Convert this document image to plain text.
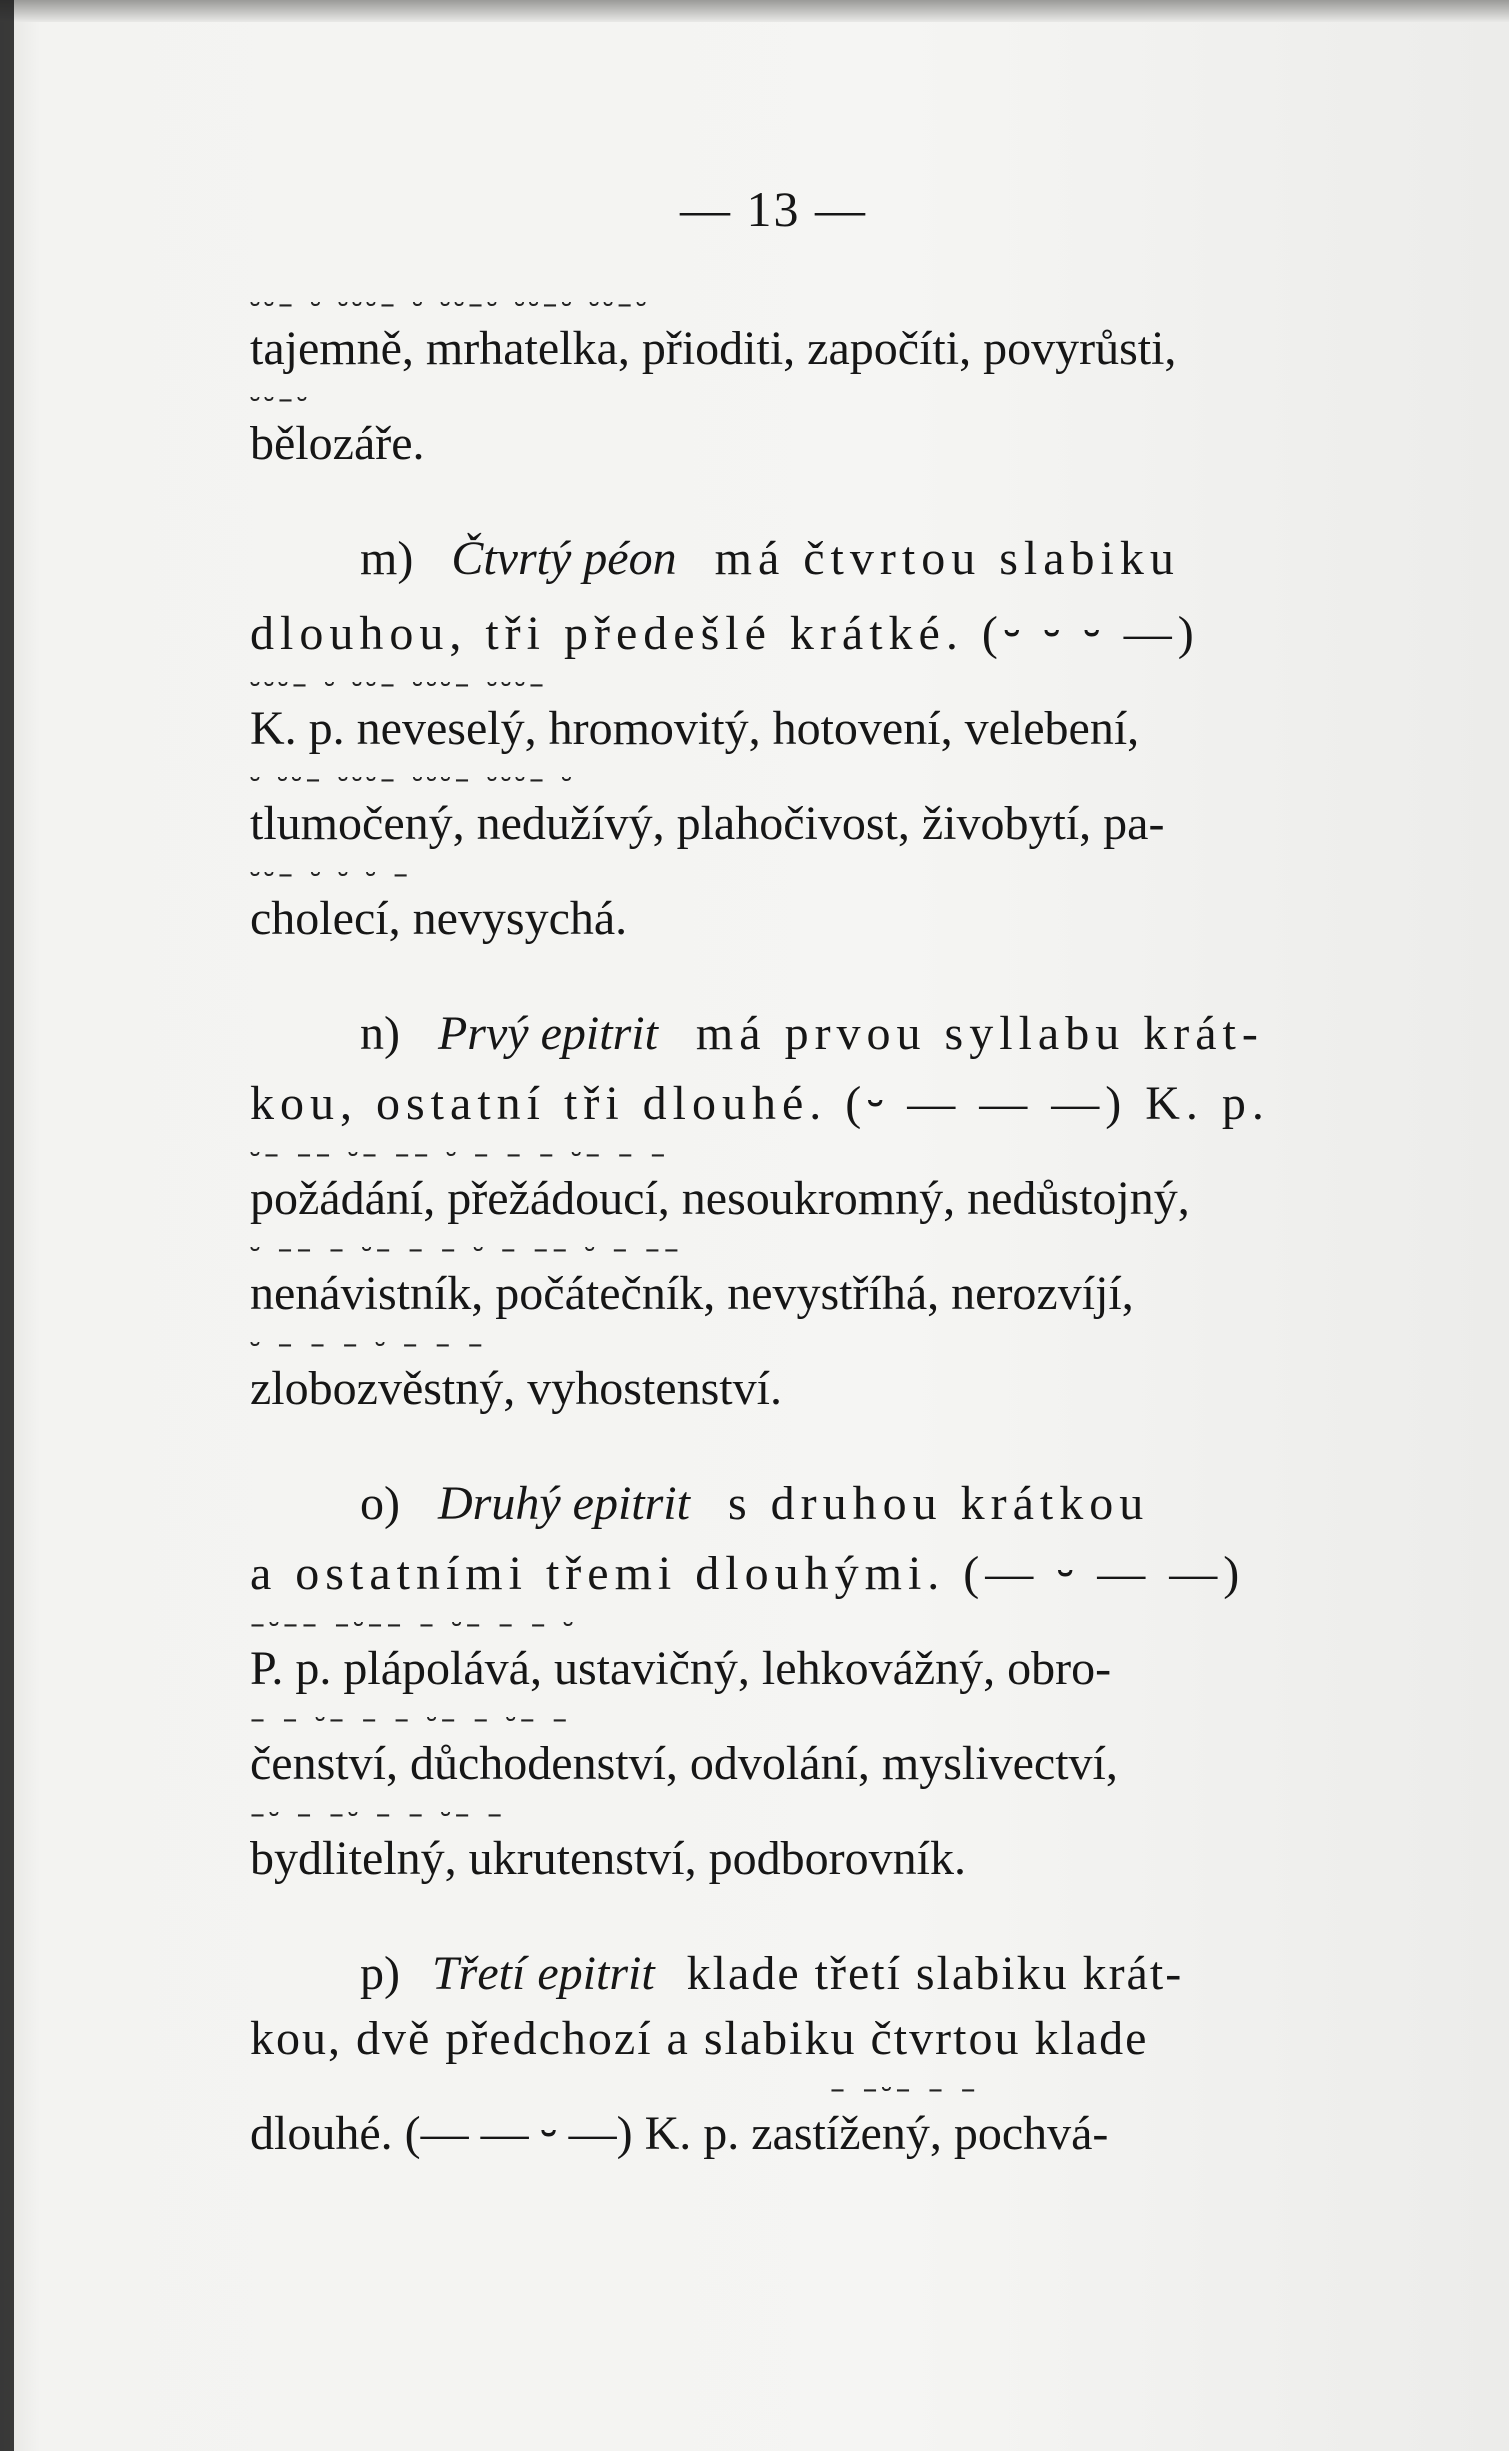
— 13 —
⏑⏑– ⏑ ⏑⏑⏑– ⏑ ⏑⏑–⏑ ⏑⏑–⏑ ⏑⏑–⏑
tajemně, mrhatelka, přioditi, započíti, povyrůsti,
⏑⏑–⏑
bělozáře.
m) Čtvrtý péon má čtvrtou slabiku
dlouhou, tři předešlé krátké. (⏑ ⏑ ⏑ —)
⏑⏑⏑– ⏑ ⏑⏑– ⏑⏑⏑– ⏑⏑⏑–
K. p. neveselý, hromovitý, hotovení, velebení,
⏑ ⏑⏑– ⏑⏑⏑– ⏑⏑⏑– ⏑⏑⏑– ⏑
tlumočený, nedužívý, plahočivost, živobytí, pa-
⏑⏑– ⏑ ⏑ ⏑ –
cholecí, nevysychá.
n) Prvý epitrit má prvou syllabu krát-
kou, ostatní tři dlouhé. (⏑ — — —) K. p.
⏑– –– ⏑– –– ⏑ – – – ⏑– – –
požádání, přežádoucí, nesoukromný, nedůstojný,
⏑ –– – ⏑– – – ⏑ – –– ⏑ – ––
nenávistník, počátečník, nevystříhá, nerozvíjí,
⏑ – – – ⏑ – – –
zlobozvěstný, vyhostenství.
o) Druhý epitrit s druhou krátkou
a ostatními třemi dlouhými. (— ⏑ — —)
–⏑–– –⏑–– – ⏑– – – ⏑
P. p. plápolává, ustavičný, lehkovážný, obro-
– – ⏑– – – ⏑– – ⏑– –
čenství, důchodenství, odvolání, myslivectví,
–⏑ – –⏑ – – ⏑– –
bydlitelný, ukrutenství, podborovník.
p) Třetí epitrit klade třetí slabiku krát-
kou, dvě předchozí a slabiku čtvrtou klade
– –⏑– – –
dlouhé. (— — ⏑ —) K. p. zastížený, pochvá-
